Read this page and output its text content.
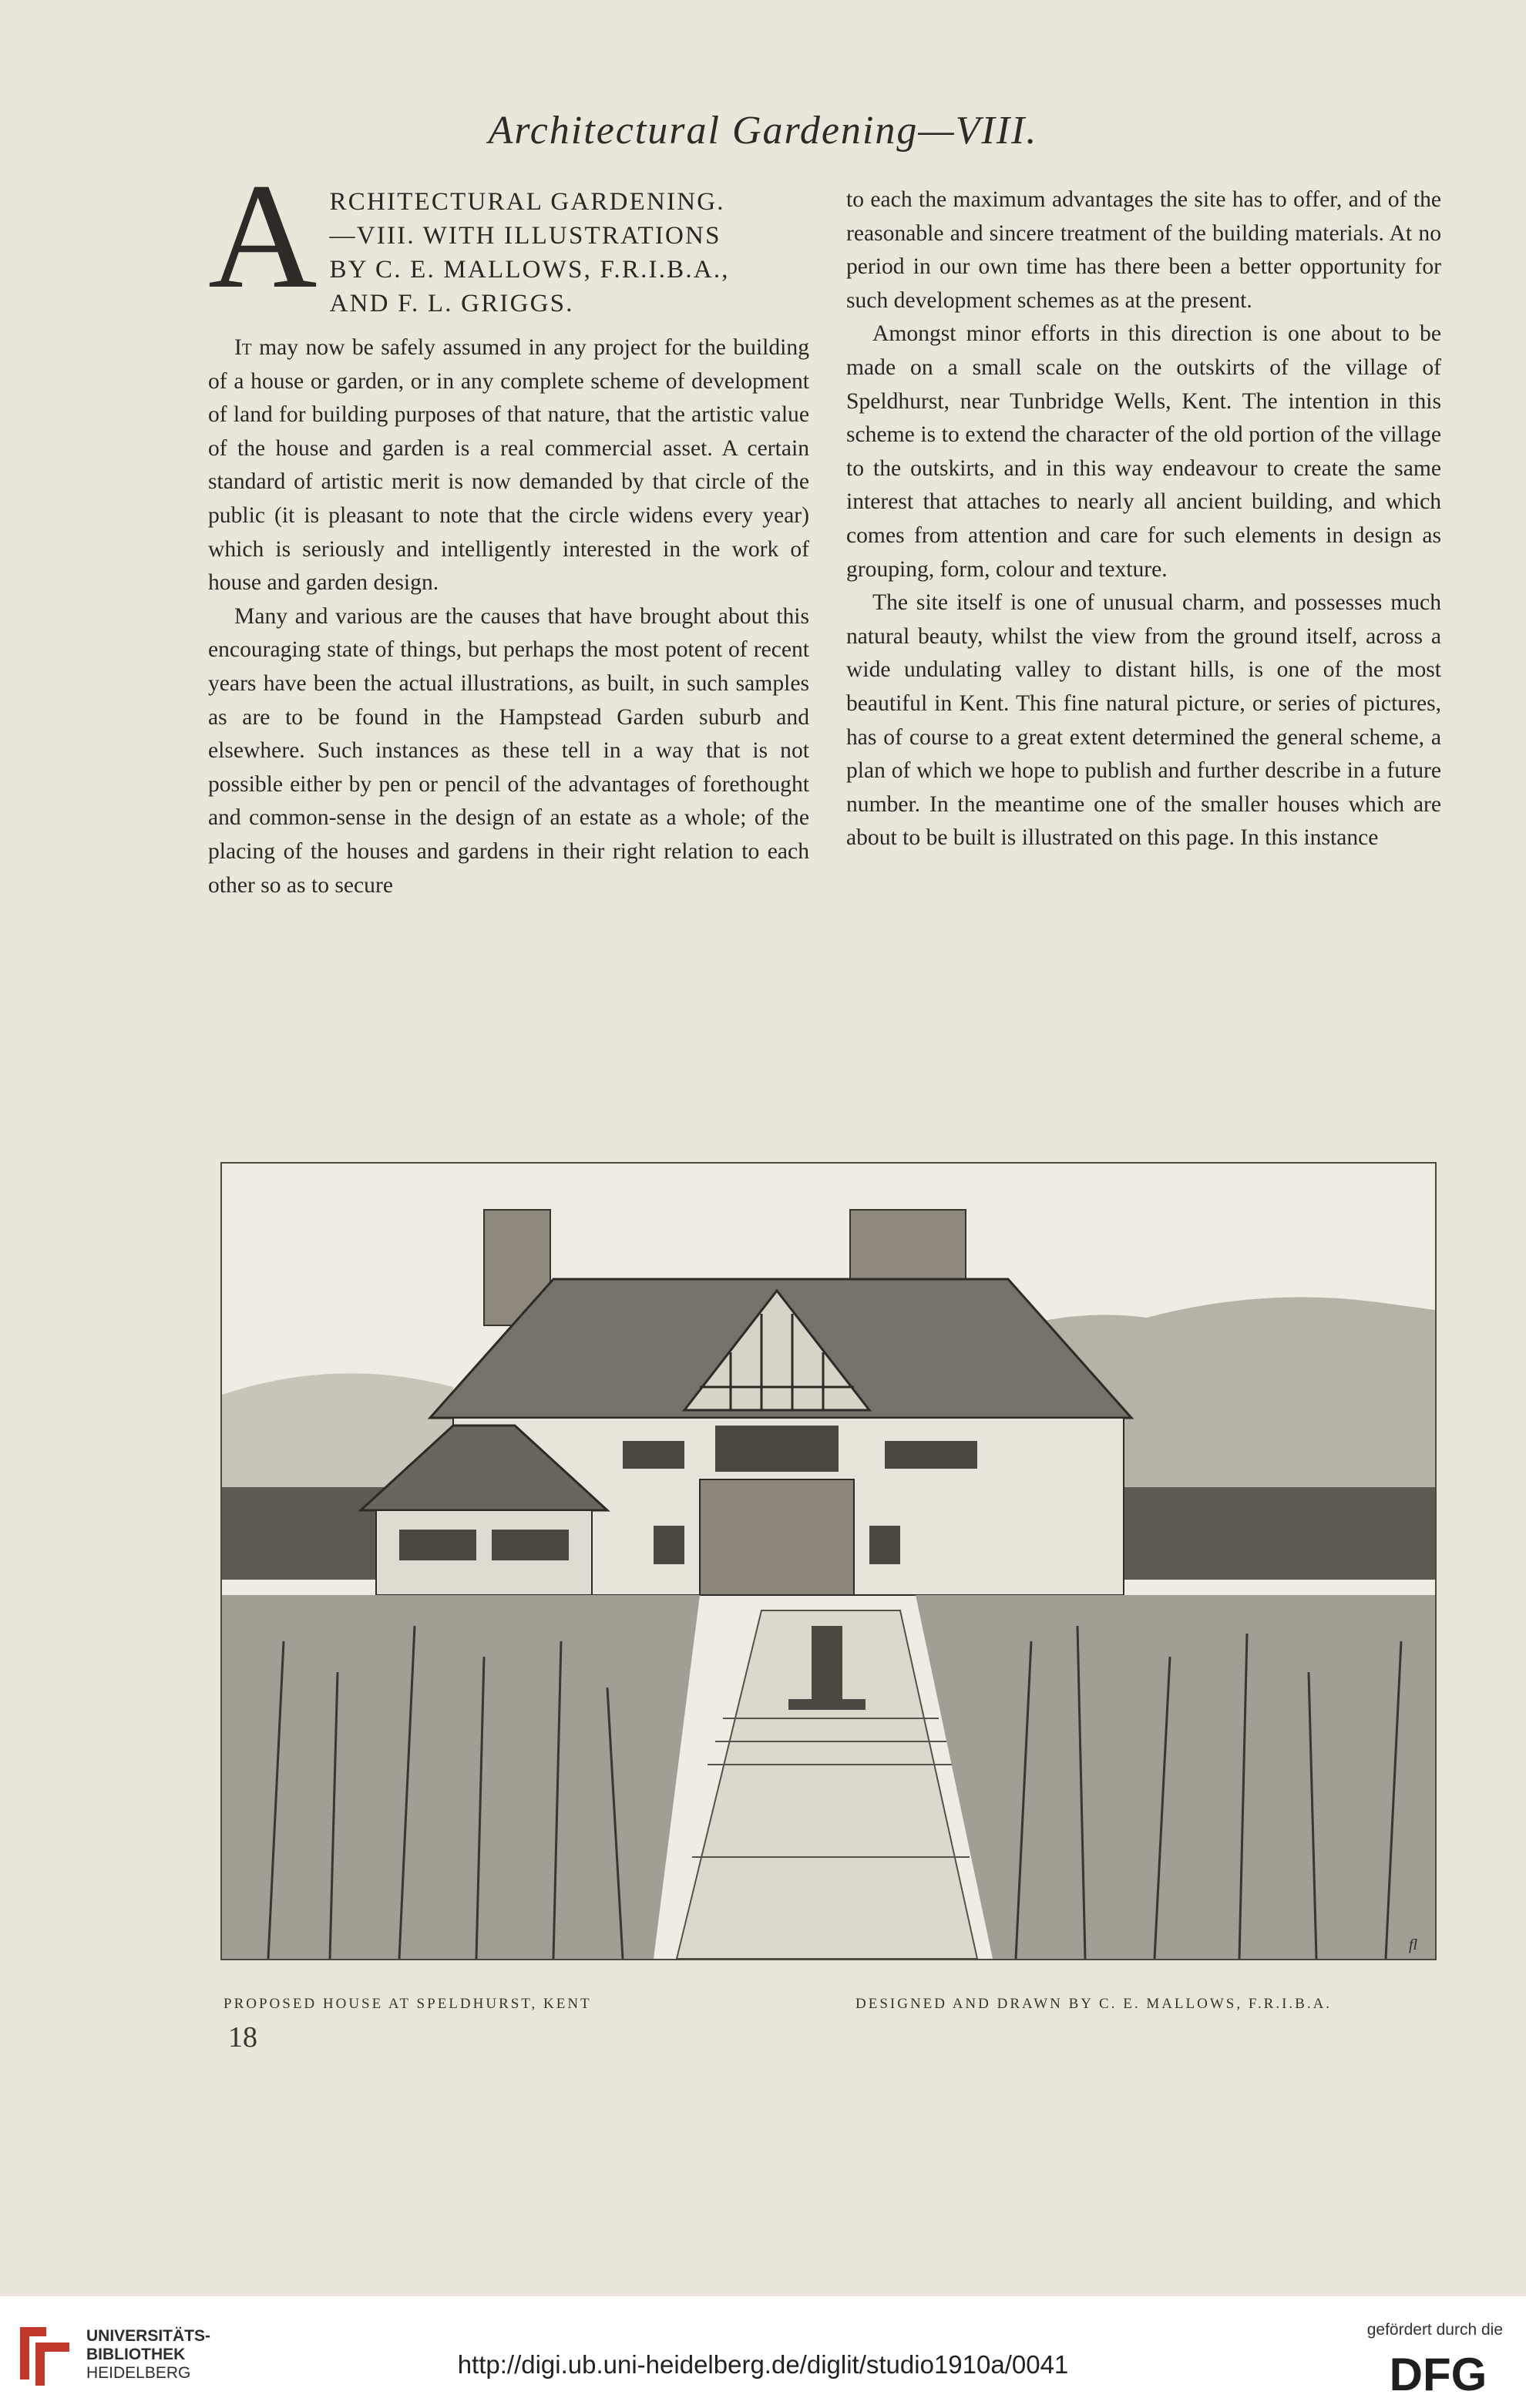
Architectural Gardening—VIII.
A RCHITECTURAL GARDENING.
—VIII. WITH ILLUSTRATIONS
BY C. E. MALLOWS, F.R.I.B.A.,
AND F. L. GRIGGS.

It may now be safely assumed in any project for the building of a house or garden, or in any complete scheme of development of land for building purposes of that nature, that the artistic value of the house and garden is a real commercial asset. A certain standard of artistic merit is now demanded by that circle of the public (it is pleasant to note that the circle widens every year) which is seriously and intelligently interested in the work of house and garden design.

Many and various are the causes that have brought about this encouraging state of things, but perhaps the most potent of recent years have been the actual illustrations, as built, in such samples as are to be found in the Hampstead Garden suburb and elsewhere. Such instances as these tell in a way that is not possible either by pen or pencil of the advantages of forethought and common-sense in the design of an estate as a whole; of the placing of the houses and gardens in their right relation to each other so as to secure

to each the maximum advantages the site has to offer, and of the reasonable and sincere treatment of the building materials. At no period in our own time has there been a better opportunity for such development schemes as at the present.

Amongst minor efforts in this direction is one about to be made on a small scale on the outskirts of the village of Speldhurst, near Tunbridge Wells, Kent. The intention in this scheme is to extend the character of the old portion of the village to the outskirts, and in this way endeavour to create the same interest that attaches to nearly all ancient building, and which comes from attention and care for such elements in design as grouping, form, colour and texture.

The site itself is one of unusual charm, and possesses much natural beauty, whilst the view from the ground itself, across a wide undulating valley to distant hills, is one of the most beautiful in Kent. This fine natural picture, or series of pictures, has of course to a great extent determined the general scheme, a plan of which we hope to publish and further describe in a future number. In the meantime one of the smaller houses which are about to be built is illustrated on this page. In this instance

fl
PROPOSED HOUSE AT SPELDHURST, KENT	DESIGNED AND DRAWN BY C. E. MALLOWS, F.R.I.B.A.
18
UNIVERSITÄTS-
BIBLIOTHEK
HEIDELBERG	http://digi.ub.uni-heidelberg.de/diglit/studio1910a/0041
gefördert durch die
DFG
